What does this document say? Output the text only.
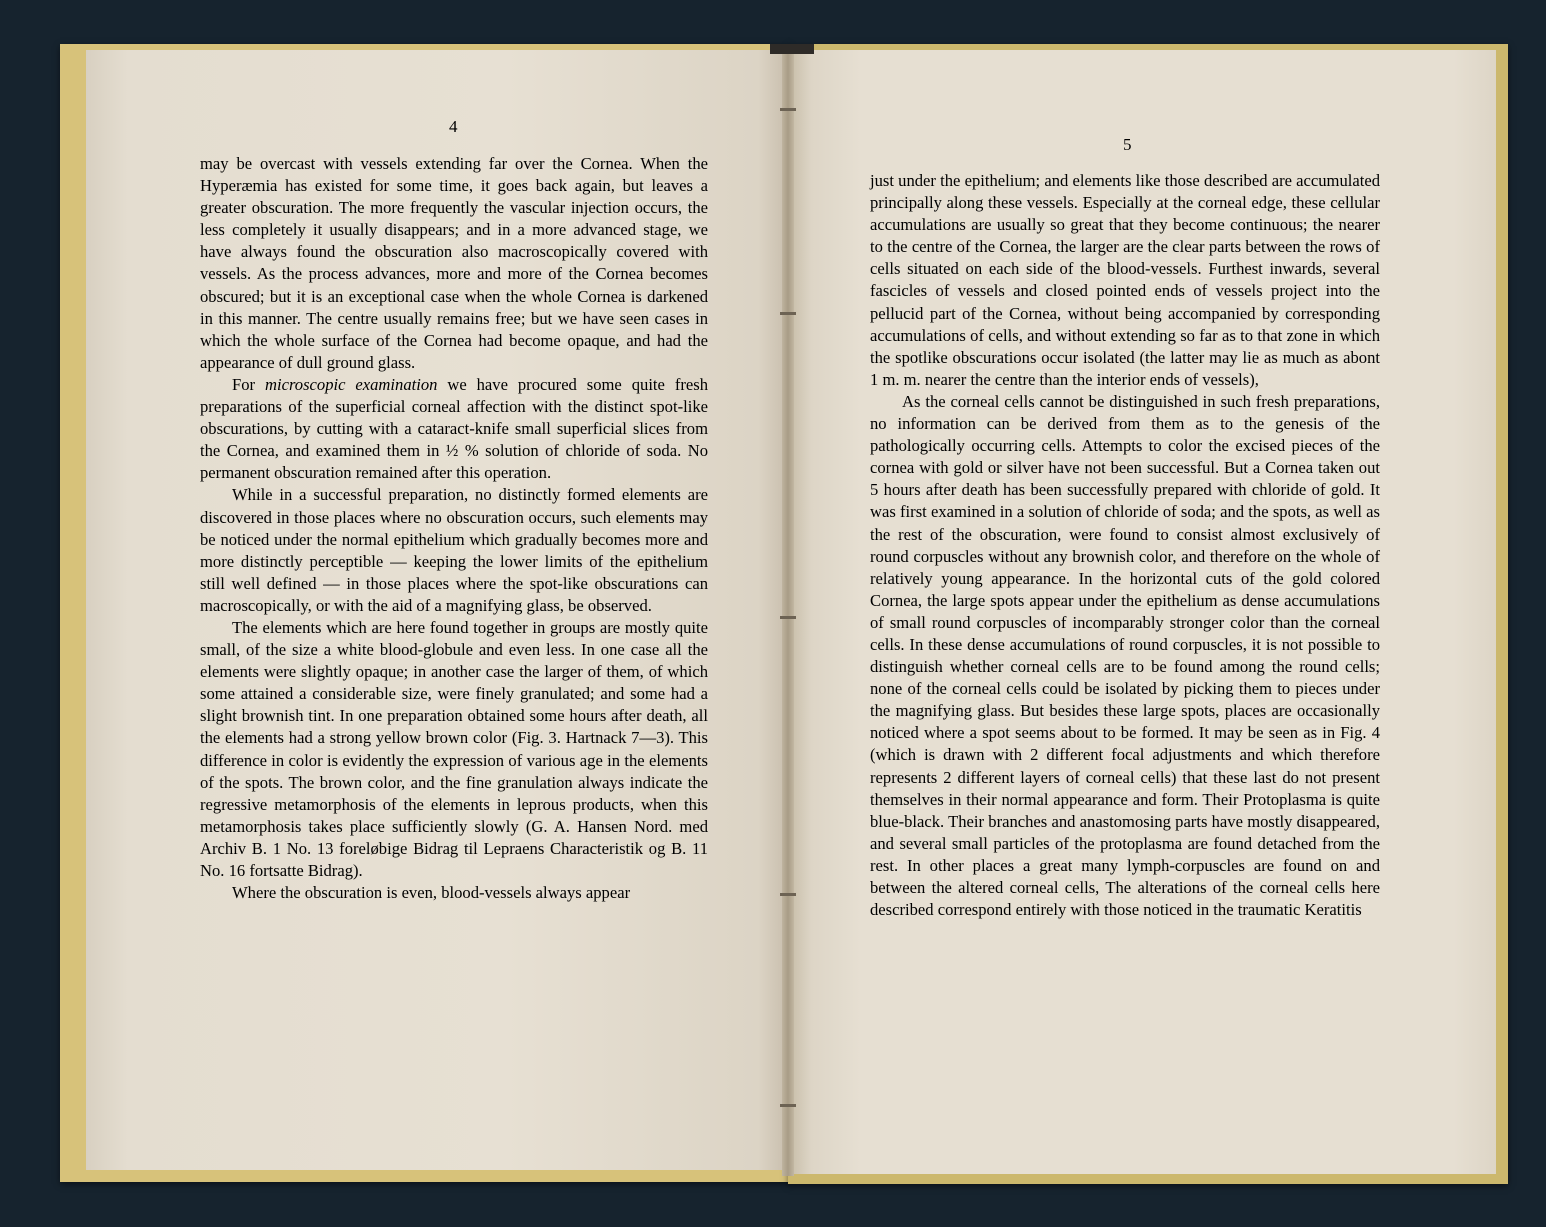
4

may be overcast with vessels extending far over the Cornea. When the Hyperæmia has existed for some time, it goes back again, but leaves a greater obscuration. The more frequently the vascular injection occurs, the less completely it usually disappears; and in a more advanced stage, we have always found the obscuration also macroscopically covered with vessels. As the process advances, more and more of the Cornea becomes obscured; but it is an exceptional case when the whole Cornea is darkened in this manner. The centre usually remains free; but we have seen cases in which the whole surface of the Cornea had become opaque, and had the appearance of dull ground glass.

For microscopic examination we have procured some quite fresh preparations of the superficial corneal affection with the distinct spot-like obscurations, by cutting with a cataract-knife small superficial slices from the Cornea, and examined them in ½ % solution of chloride of soda. No permanent obscuration remained after this operation.

While in a successful preparation, no distinctly formed elements are discovered in those places where no obscuration occurs, such elements may be noticed under the normal epithelium which gradually becomes more and more distinctly perceptible — keeping the lower limits of the epithelium still well defined — in those places where the spot-like obscurations can macroscopically, or with the aid of a magnifying glass, be observed.

The elements which are here found together in groups are mostly quite small, of the size a white blood-globule and even less. In one case all the elements were slightly opaque; in another case the larger of them, of which some attained a considerable size, were finely granulated; and some had a slight brownish tint. In one preparation obtained some hours after death, all the elements had a strong yellow brown color (Fig. 3. Hartnack 7—3). This difference in color is evidently the expression of various age in the elements of the spots. The brown color, and the fine granulation always indicate the regressive metamorphosis of the elements in leprous products, when this metamorphosis takes place sufficiently slowly (G. A. Hansen Nord. med Archiv B. 1 No. 13 foreløbige Bidrag til Lepraens Characteristik og B. 11 No. 16 fortsatte Bidrag).

Where the obscuration is even, blood-vessels always appear

5

just under the epithelium; and elements like those described are accumulated principally along these vessels. Especially at the corneal edge, these cellular accumulations are usually so great that they become continuous; the nearer to the centre of the Cornea, the larger are the clear parts between the rows of cells situated on each side of the blood-vessels. Furthest inwards, several fascicles of vessels and closed pointed ends of vessels project into the pellucid part of the Cornea, without being accompanied by corresponding accumulations of cells, and without extending so far as to that zone in which the spotlike obscurations occur isolated (the latter may lie as much as abont 1 m. m. nearer the centre than the interior ends of vessels),

As the corneal cells cannot be distinguished in such fresh preparations, no information can be derived from them as to the genesis of the pathologically occurring cells. Attempts to color the excised pieces of the cornea with gold or silver have not been successful. But a Cornea taken out 5 hours after death has been successfully prepared with chloride of gold. It was first examined in a solution of chloride of soda; and the spots, as well as the rest of the obscuration, were found to consist almost exclusively of round corpuscles without any brownish color, and therefore on the whole of relatively young appearance. In the horizontal cuts of the gold colored Cornea, the large spots appear under the epithelium as dense accumulations of small round corpuscles of incomparably stronger color than the corneal cells. In these dense accumulations of round corpuscles, it is not possible to distinguish whether corneal cells are to be found among the round cells; none of the corneal cells could be isolated by picking them to pieces under the magnifying glass. But besides these large spots, places are occasionally noticed where a spot seems about to be formed. It may be seen as in Fig. 4 (which is drawn with 2 different focal adjustments and which therefore represents 2 different layers of corneal cells) that these last do not present themselves in their normal appearance and form. Their Protoplasma is quite blue-black. Their branches and anastomosing parts have mostly disappeared, and several small particles of the protoplasma are found detached from the rest. In other places a great many lymph-corpuscles are found on and between the altered corneal cells, The alterations of the corneal cells here described correspond entirely with those noticed in the traumatic Keratitis
